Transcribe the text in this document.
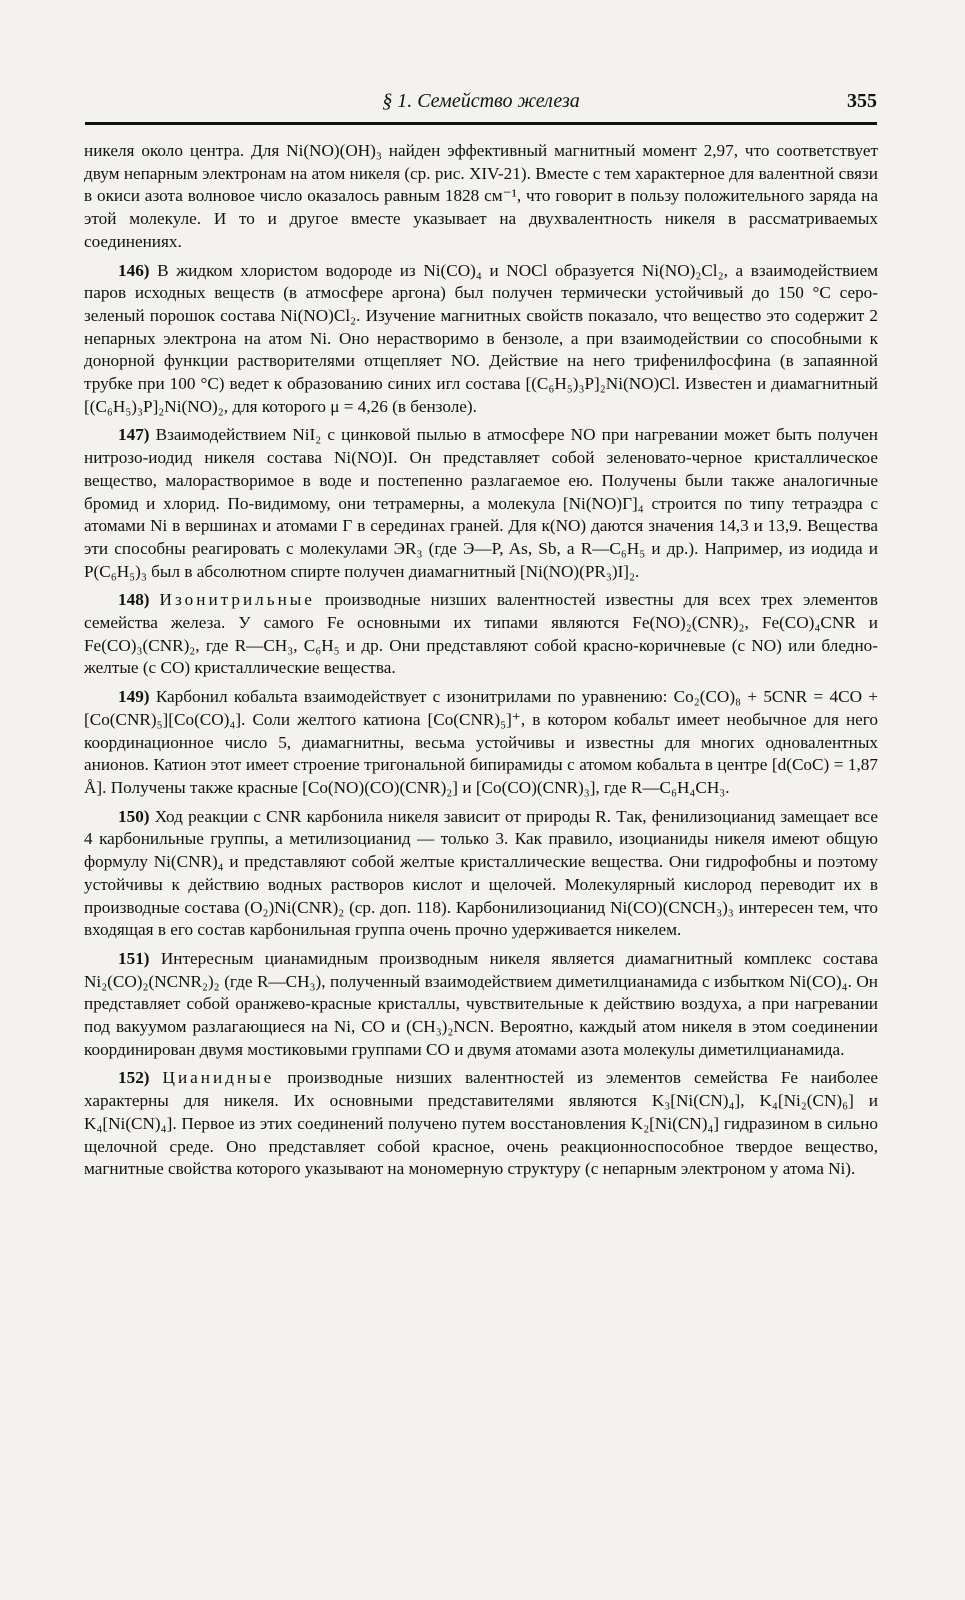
§ 1. Семейство железа	355

никеля около центра. Для Ni(NO)(OH)₃ найден эффективный магнитный момент 2,97, что соответствует двум непарным электронам на атом никеля (ср. рис. XIV-21). Вместе с тем характерное для валентной связи в окиси азота волновое число оказалось равным 1828 см⁻¹, что говорит в пользу положительного заряда на этой молекуле. И то и другое вместе указывает на двухвалентность никеля в рассматриваемых соединениях.

146) В жидком хлористом водороде из Ni(CO)₄ и NOCl образуется Ni(NO)₂Cl₂, а взаимодействием паров исходных веществ (в атмосфере аргона) был получен термически устойчивый до 150 °C серо-зеленый порошок состава Ni(NO)Cl₂. Изучение магнитных свойств показало, что вещество это содержит 2 непарных электрона на атом Ni. Оно нерастворимо в бензоле, а при взаимодействии со способными к донорной функции растворителями отщепляет NO. Действие на него трифенилфосфина (в запаянной трубке при 100 °C) ведет к образованию синих игл состава [(C₆H₅)₃P]₂Ni(NO)Cl. Известен и диамагнитный [(C₆H₅)₃P]₂Ni(NO)₂, для которого μ = 4,26 (в бензоле).

147) Взаимодействием NiI₂ с цинковой пылью в атмосфере NO при нагревании может быть получен нитрозо-иодид никеля состава Ni(NO)I. Он представляет собой зеленовато-черное кристаллическое вещество, малорастворимое в воде и постепенно разлагаемое ею. Получены были также аналогичные бромид и хлорид. По-видимому, они тетрамерны, а молекула [Ni(NO)Г]₄ строится по типу тетраэдра с атомами Ni в вершинах и атомами Г в серединах граней. Для к(NO) даются значения 14,3 и 13,9. Вещества эти способны реагировать с молекулами ЭR₃ (где Э—P, As, Sb, а R—C₆H₅ и др.). Например, из иодида и P(C₆H₅)₃ был в абсолютном спирте получен диамагнитный [Ni(NO)(PR₃)I]₂.

148) Изонитрильные производные низших валентностей известны для всех трех элементов семейства железа. У самого Fe основными их типами являются Fe(NO)₂(CNR)₂, Fe(CO)₄CNR и Fe(CO)₃(CNR)₂, где R—CH₃, C₆H₅ и др. Они представляют собой красно-коричневые (с NO) или бледно-желтые (с CO) кристаллические вещества.

149) Карбонил кобальта взаимодействует с изонитрилами по уравнению: Co₂(CO)₈ + 5CNR = 4CO + [Co(CNR)₅][Co(CO)₄]. Соли желтого катиона [Co(CNR)₅]⁺, в котором кобальт имеет необычное для него координационное число 5, диамагнитны, весьма устойчивы и известны для многих одновалентных анионов. Катион этот имеет строение тригональной бипирамиды с атомом кобальта в центре [d(CoC) = 1,87 Å]. Получены также красные [Co(NO)(CO)(CNR)₂] и [Co(CO)(CNR)₃], где R—C₆H₄CH₃.

150) Ход реакции с CNR карбонила никеля зависит от природы R. Так, фенилизоцианид замещает все 4 карбонильные группы, а метилизоцианид — только 3. Как правило, изоцианиды никеля имеют общую формулу Ni(CNR)₄ и представляют собой желтые кристаллические вещества. Они гидрофобны и поэтому устойчивы к действию водных растворов кислот и щелочей. Молекулярный кислород переводит их в производные состава (O₂)Ni(CNR)₂ (ср. доп. 118). Карбонилизоцианид Ni(CO)(CNCH₃)₃ интересен тем, что входящая в его состав карбонильная группа очень прочно удерживается никелем.

151) Интересным цианамидным производным никеля является диамагнитный комплекс состава Ni₂(CO)₂(NCNR₂)₂ (где R—CH₃), полученный взаимодействием диметилцианамида с избытком Ni(CO)₄. Он представляет собой оранжево-красные кристаллы, чувствительные к действию воздуха, а при нагревании под вакуумом разлагающиеся на Ni, CO и (CH₃)₂NCN. Вероятно, каждый атом никеля в этом соединении координирован двумя мостиковыми группами CO и двумя атомами азота молекулы диметилцианамида.

152) Цианидные производные низших валентностей из элементов семейства Fe наиболее характерны для никеля. Их основными представителями являются K₃[Ni(CN)₄], K₄[Ni₂(CN)₆] и K₄[Ni(CN)₄]. Первое из этих соединений получено путем восстановления K₂[Ni(CN)₄] гидразином в сильно щелочной среде. Оно представляет собой красное, очень реакционноспособное твердое вещество, магнитные свойства которого указывают на мономерную структуру (с непарным электроном у атома Ni).
